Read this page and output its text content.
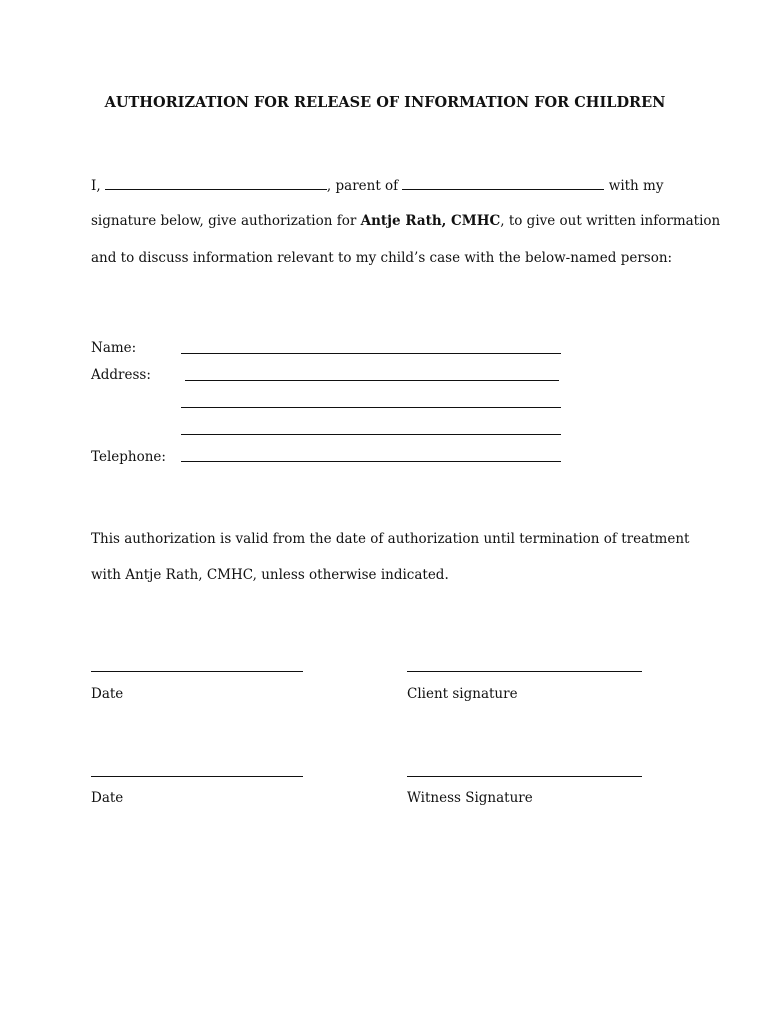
AUTHORIZATION FOR RELEASE OF INFORMATION FOR CHILDREN
I,	, parent of	with my
signature below, give authorization for Antje Rath, CMHC, to give out written information
and to discuss information relevant to my child’s case with the below-named person:
Name:
Address:
Telephone:
This authorization is valid from the date of authorization until termination of treatment
with Antje Rath, CMHC, unless otherwise indicated.
Date	Client signature
Date	Witness Signature
